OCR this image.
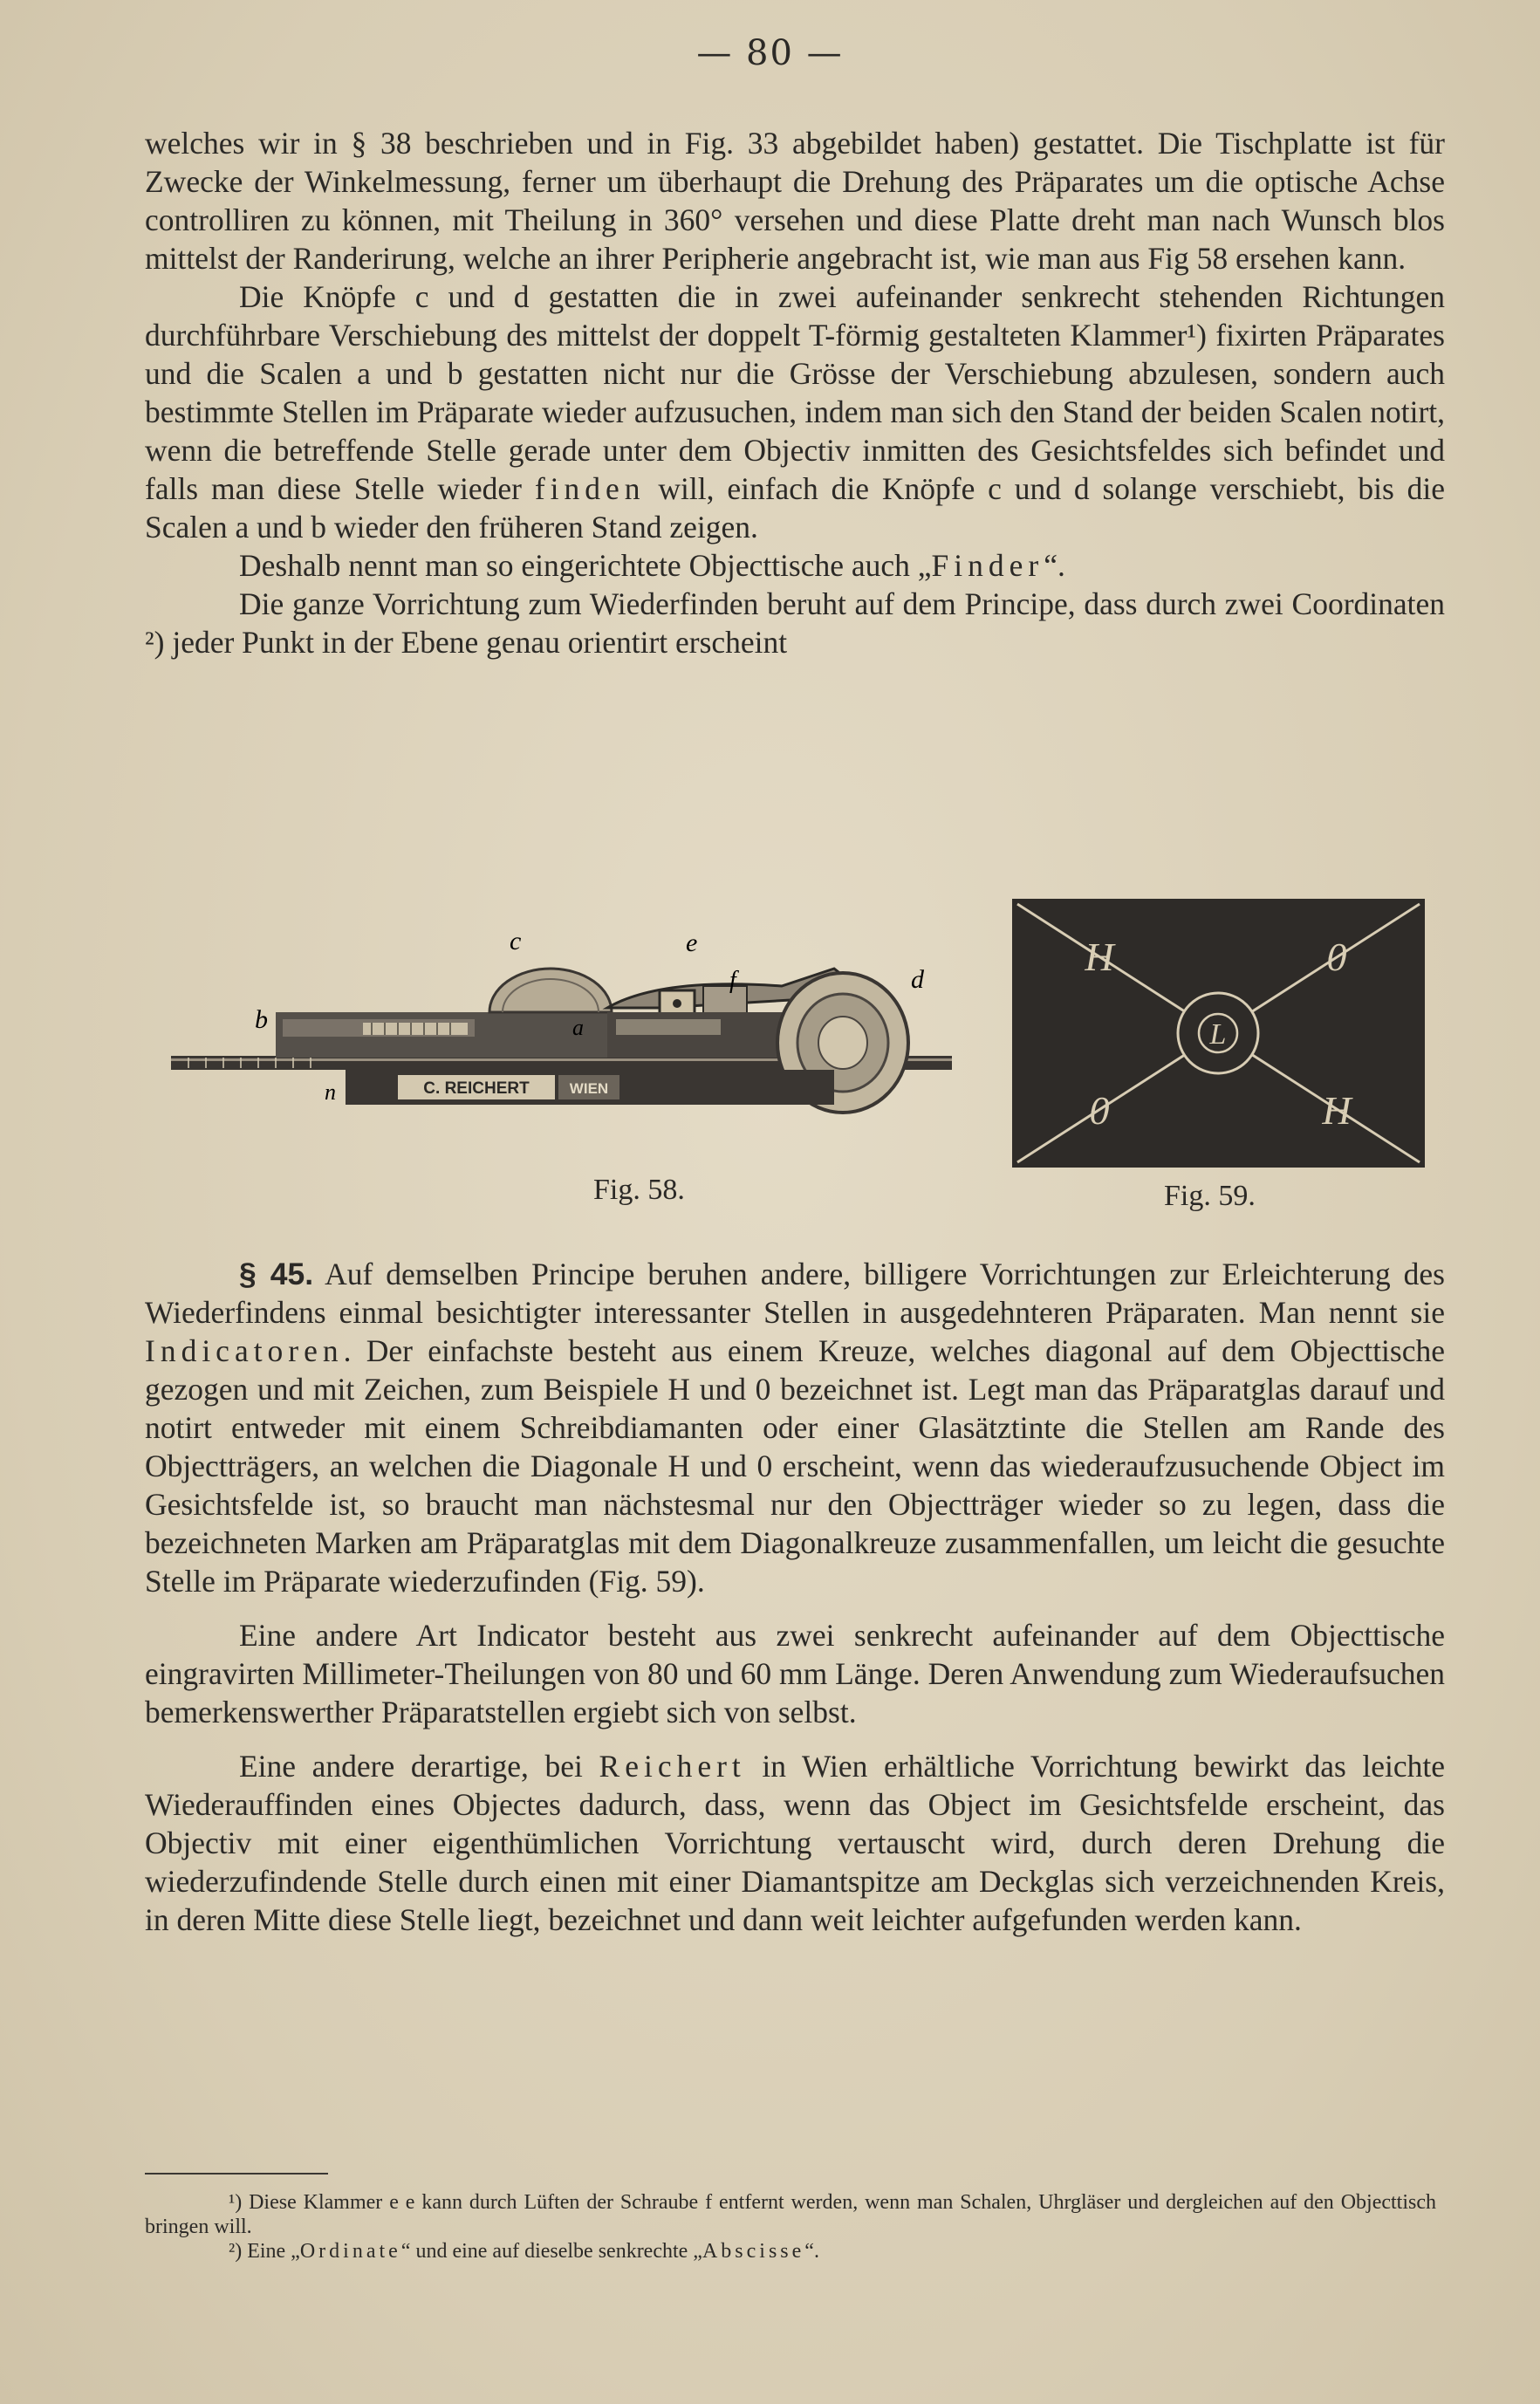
— 80 —

welches wir in § 38 beschrieben und in Fig. 33 abgebildet haben) gestattet. Die Tischplatte ist für Zwecke der Winkelmessung, ferner um überhaupt die Drehung des Präparates um die optische Achse controlliren zu können, mit Theilung in 360° versehen und diese Platte dreht man nach Wunsch blos mittelst der Randerirung, welche an ihrer Peripherie angebracht ist, wie man aus Fig 58 ersehen kann.

Die Knöpfe c und d gestatten die in zwei aufeinander senkrecht stehenden Richtungen durchführbare Verschiebung des mittelst der doppelt T-förmig gestalteten Klammer¹) fixirten Präparates und die Scalen a und b gestatten nicht nur die Grösse der Verschiebung abzulesen, sondern auch bestimmte Stellen im Präparate wieder aufzusuchen, indem man sich den Stand der beiden Scalen notirt, wenn die betreffende Stelle gerade unter dem Objectiv inmitten des Gesichtsfeldes sich befindet und falls man diese Stelle wieder finden will, einfach die Knöpfe c und d solange verschiebt, bis die Scalen a und b wieder den früheren Stand zeigen.

Deshalb nennt man so eingerichtete Objecttische auch „Finder“.

Die ganze Vorrichtung zum Wiederfinden beruht auf dem Principe, dass durch zwei Coordinaten ²) jeder Punkt in der Ebene genau orientirt erscheint

C. REICHERT	WIEN
c	e
f	d
b	a
n
Fig. 58.
L
H	0
0	H
Fig. 59.

§ 45. Auf demselben Principe beruhen andere, billigere Vorrichtungen zur Erleichterung des Wiederfindens einmal besichtigter interessanter Stellen in ausgedehnteren Präparaten. Man nennt sie Indicatoren. Der einfachste besteht aus einem Kreuze, welches diagonal auf dem Objecttische gezogen und mit Zeichen, zum Beispiele H und 0 bezeichnet ist. Legt man das Präparatglas darauf und notirt entweder mit einem Schreibdiamanten oder einer Glasätztinte die Stellen am Rande des Objectträgers, an welchen die Diagonale H und 0 erscheint, wenn das wiederaufzusuchende Object im Gesichtsfelde ist, so braucht man nächstesmal nur den Objectträger wieder so zu legen, dass die bezeichneten Marken am Präparatglas mit dem Diagonalkreuze zusammenfallen, um leicht die gesuchte Stelle im Präparate wiederzufinden (Fig. 59).

Eine andere Art Indicator besteht aus zwei senkrecht aufeinander auf dem Objecttische eingravirten Millimeter-Theilungen von 80 und 60 mm Länge. Deren Anwendung zum Wiederaufsuchen bemerkenswerther Präparatstellen ergiebt sich von selbst.

Eine andere derartige, bei Reichert in Wien erhältliche Vorrichtung bewirkt das leichte Wiederauffinden eines Objectes dadurch, dass, wenn das Object im Gesichtsfelde erscheint, das Objectiv mit einer eigenthümlichen Vorrichtung vertauscht wird, durch deren Drehung die wiederzufindende Stelle durch einen mit einer Diamantspitze am Deckglas sich verzeichnenden Kreis, in deren Mitte diese Stelle liegt, bezeichnet und dann weit leichter aufgefunden werden kann.

¹) Diese Klammer e e kann durch Lüften der Schraube f entfernt werden, wenn man Schalen, Uhrgläser und dergleichen auf den Objecttisch bringen will.

²) Eine „Ordinate“ und eine auf dieselbe senkrechte „Abscisse“.
